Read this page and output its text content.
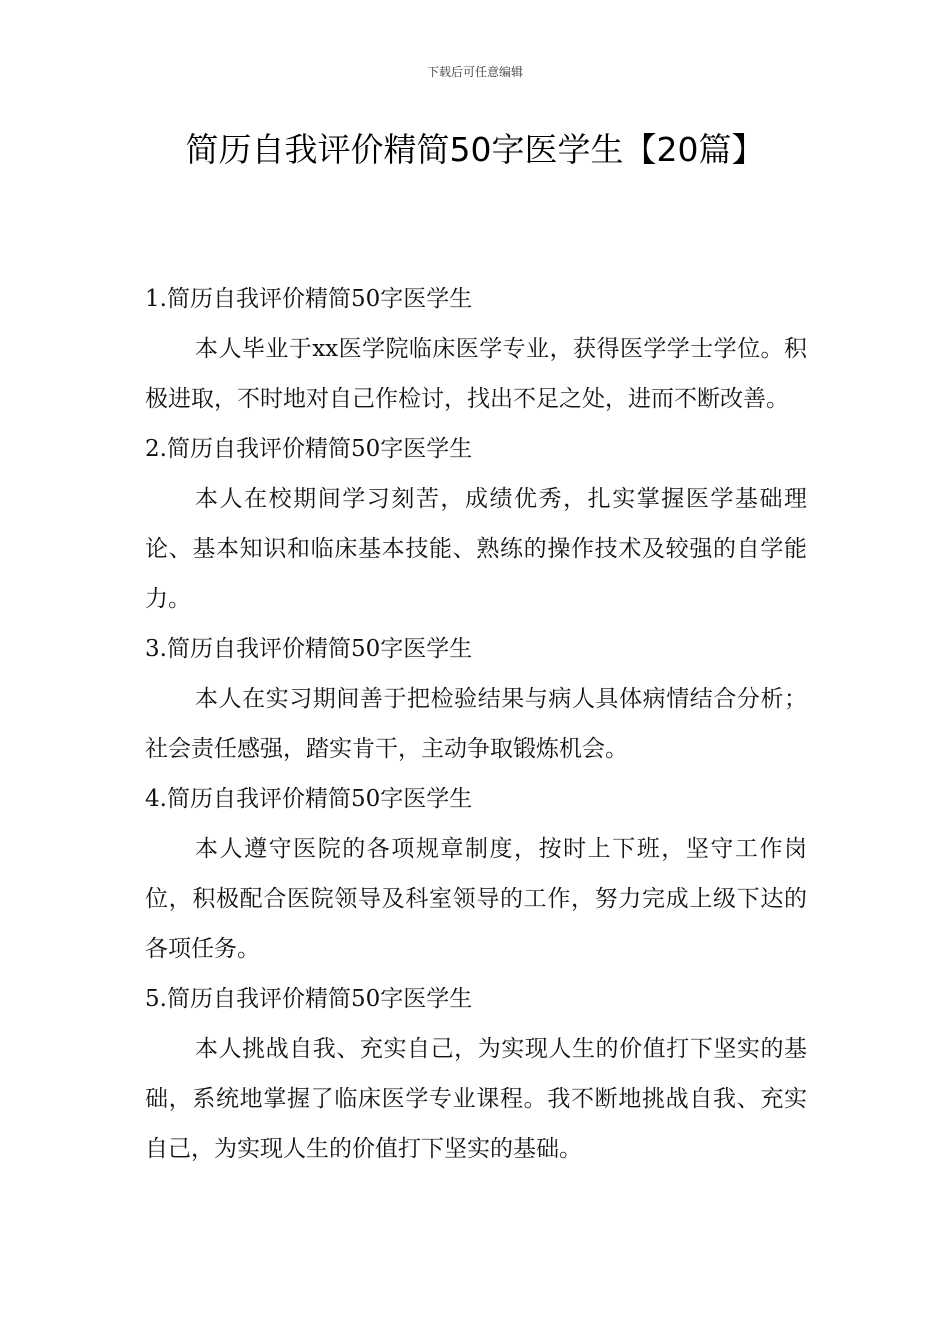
下载后可任意编辑
简历自我评价精简50字医学生【20篇】

1.简历自我评价精简50字医学生

本人毕业于xx医学院临床医学专业，获得医学学士学位。积极进取，不时地对自己作检讨，找出不足之处，进而不断改善。

2.简历自我评价精简50字医学生

本人在校期间学习刻苦，成绩优秀，扎实掌握医学基础理论、基本知识和临床基本技能、熟练的操作技术及较强的自学能力。

3.简历自我评价精简50字医学生

本人在实习期间善于把检验结果与病人具体病情结合分析；社会责任感强，踏实肯干，主动争取锻炼机会。

4.简历自我评价精简50字医学生

本人遵守医院的各项规章制度，按时上下班，坚守工作岗位，积极配合医院领导及科室领导的工作，努力完成上级下达的各项任务。

5.简历自我评价精简50字医学生

本人挑战自我、充实自己，为实现人生的价值打下坚实的基础，系统地掌握了临床医学专业课程。我不断地挑战自我、充实自己，为实现人生的价值打下坚实的基础。
